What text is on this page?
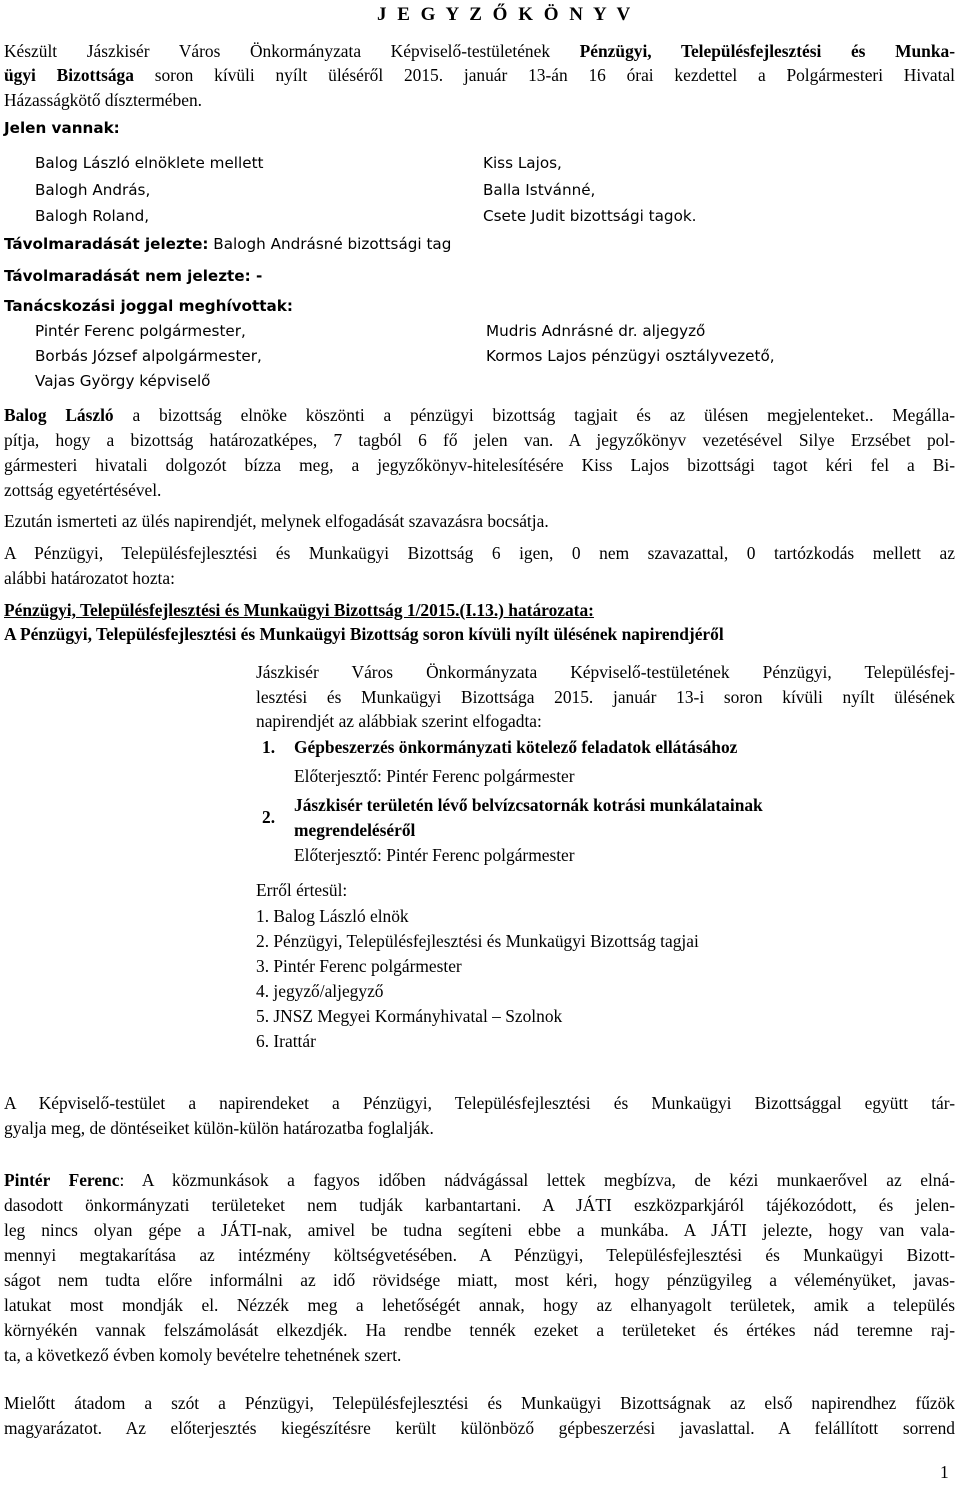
J E G Y Z Ő K Ö N Y V
Készült Jászkisér Város Önkormányzata Képviselő-testületének Pénzügyi, Településfejlesztési és Munka-
ügyi Bizottsága soron kívüli nyílt üléséről 2015. január 13-án 16 órai kezdettel a Polgármesteri Hivatal
Házasságkötő dísztermében.
Jelen vannak:
Balog László elnöklete mellett
Balogh András,
Balogh Roland,
Kiss Lajos,
Balla Istvánné,
Csete Judit bizottsági tagok.
Távolmaradását jelezte: Balogh Andrásné bizottsági tag
Távolmaradását nem jelezte: -
Tanácskozási joggal meghívottak:
Pintér Ferenc polgármester,
Borbás József alpolgármester,
Vajas György képviselő
Mudris Adnrásné dr. aljegyző
Kormos Lajos pénzügyi osztályvezető,
Balog László a bizottság elnöke köszönti a pénzügyi bizottság tagjait és az ülésen megjelenteket.. Megálla-
pítja, hogy a bizottság határozatképes, 7 tagból 6 fő jelen van. A jegyzőkönyv vezetésével Silye Erzsébet pol-
gármesteri hivatali dolgozót bízza meg, a jegyzőkönyv-hitelesítésére Kiss Lajos bizottsági tagot kéri fel a Bi-
zottság egyetértésével.
Ezután ismerteti az ülés napirendjét, melynek elfogadását szavazásra bocsátja.
A Pénzügyi, Településfejlesztési és Munkaügyi Bizottság 6 igen, 0 nem szavazattal, 0 tartózkodás mellett az
alábbi határozatot hozta:
Pénzügyi, Településfejlesztési és Munkaügyi Bizottság 1/2015.(I.13.) határozata:
A Pénzügyi, Településfejlesztési és Munkaügyi Bizottság soron kívüli nyílt ülésének napirendjéről
Jászkisér Város Önkormányzata Képviselő-testületének Pénzügyi, Településfej-
lesztési és Munkaügyi Bizottsága 2015. január 13-i soron kívüli nyílt ülésének
napirendjét az alábbiak szerint elfogadta:
1. Gépbeszerzés önkormányzati kötelező feladatok ellátásához
Előterjesztő: Pintér Ferenc polgármester
2.
Jászkisér területén lévő belvízcsatornák kotrási munkálatainak
megrendeléséről
Előterjesztő: Pintér Ferenc polgármester
Erről értesül:
1. Balog László elnök
2. Pénzügyi, Településfejlesztési és Munkaügyi Bizottság tagjai
3. Pintér Ferenc polgármester
4. jegyző/aljegyző
5. JNSZ Megyei Kormányhivatal – Szolnok
6. Irattár
A Képviselő-testület a napirendeket a Pénzügyi, Településfejlesztési és Munkaügyi Bizottsággal együtt tár-
gyalja meg, de döntéseiket külön-külön határozatba foglalják.
Pintér Ferenc: A közmunkások a fagyos időben nádvágással lettek megbízva, de kézi munkaerővel az elná-
dasodott önkormányzati területeket nem tudják karbantartani. A JÁTI eszközparkjáról tájékozódott, és jelen-
leg nincs olyan gépe a JÁTI-nak, amivel be tudna segíteni ebbe a munkába. A JÁTI jelezte, hogy van vala-
mennyi megtakarítása az intézmény költségvetésében. A Pénzügyi, Településfejlesztési és Munkaügyi Bizott-
ságot nem tudta előre informálni az idő rövidsége miatt, most kéri, hogy pénzügyileg a véleményüket, javas-
latukat most mondják el. Nézzék meg a lehetőségét annak, hogy az elhanyagolt területek, amik a település
környékén vannak felszámolását elkezdjék. Ha rendbe tennék ezeket a területeket és értékes nád teremne raj-
ta, a következő évben komoly bevételre tehetnének szert.
Mielőtt átadom a szót a Pénzügyi, Településfejlesztési és Munkaügyi Bizottságnak az első napirendhez fűzök
magyarázatot. Az előterjesztés kiegészítésre került különböző gépbeszerzési javaslattal. A felállított sorrend
1
